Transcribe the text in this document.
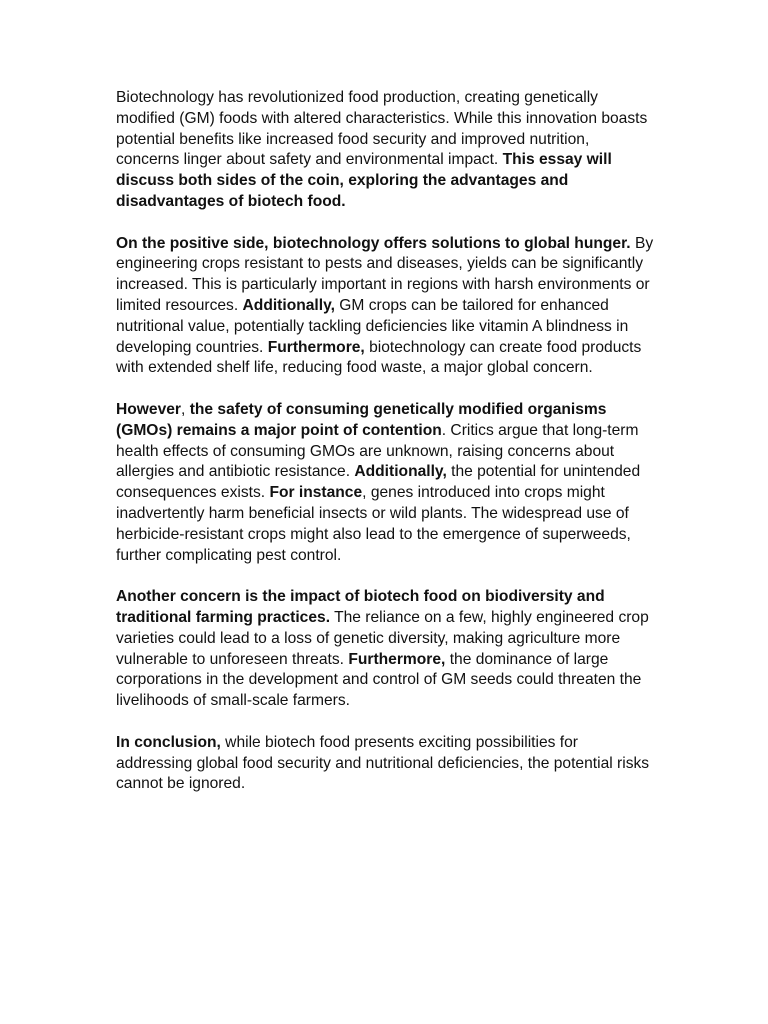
Biotechnology has revolutionized food production, creating genetically modified (GM) foods with altered characteristics. While this innovation boasts potential benefits like increased food security and improved nutrition, concerns linger about safety and environmental impact. This essay will discuss both sides of the coin, exploring the advantages and disadvantages of biotech food.

On the positive side, biotechnology offers solutions to global hunger. By engineering crops resistant to pests and diseases, yields can be significantly increased. This is particularly important in regions with harsh environments or limited resources. Additionally, GM crops can be tailored for enhanced nutritional value, potentially tackling deficiencies like vitamin A blindness in developing countries. Furthermore, biotechnology can create food products with extended shelf life, reducing food waste, a major global concern.

However, the safety of consuming genetically modified organisms (GMOs) remains a major point of contention. Critics argue that long-term health effects of consuming GMOs are unknown, raising concerns about allergies and antibiotic resistance. Additionally, the potential for unintended consequences exists. For instance, genes introduced into crops might inadvertently harm beneficial insects or wild plants. The widespread use of herbicide-resistant crops might also lead to the emergence of superweeds, further complicating pest control.

Another concern is the impact of biotech food on biodiversity and traditional farming practices. The reliance on a few, highly engineered crop varieties could lead to a loss of genetic diversity, making agriculture more vulnerable to unforeseen threats. Furthermore, the dominance of large corporations in the development and control of GM seeds could threaten the livelihoods of small-scale farmers.

In conclusion, while biotech food presents exciting possibilities for addressing global food security and nutritional deficiencies, the potential risks cannot be ignored.
